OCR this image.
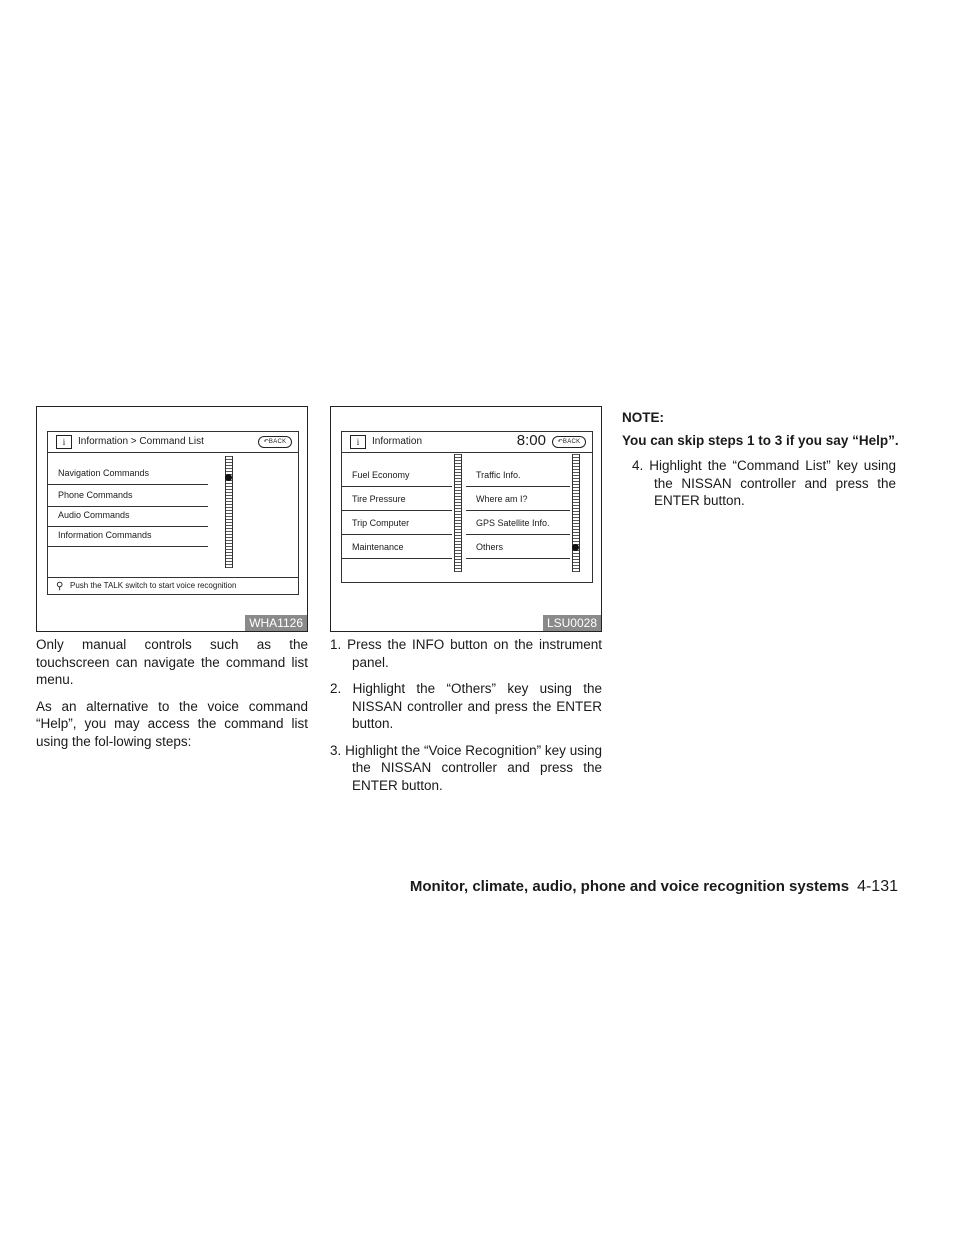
i	Information > Command List	↶BACK
Navigation Commands
Phone Commands
Audio Commands
Information Commands
⚲ Push the TALK switch to start voice recognition
WHA1126
i	Information	8:00	↶BACK
Fuel Economy
Tire Pressure
Trip Computer
Maintenance
Traffic Info.
Where am I?
GPS Satellite Info.
Others
LSU0028

Only manual controls such as the touchscreen can navigate the command list menu.

As an alternative to the voice command “Help”, you may access the command list using the fol-lowing steps:

1. Press the INFO button on the instrument panel.
2. Highlight the “Others” key using the NISSAN controller and press the ENTER button.
3. Highlight the “Voice Recognition” key using the NISSAN controller and press the ENTER button.
NOTE:
You can skip steps 1 to 3 if you say “Help”.
4. Highlight the “Command List” key using the NISSAN controller and press the ENTER button.
Monitor, climate, audio, phone and voice recognition systems 4-131
